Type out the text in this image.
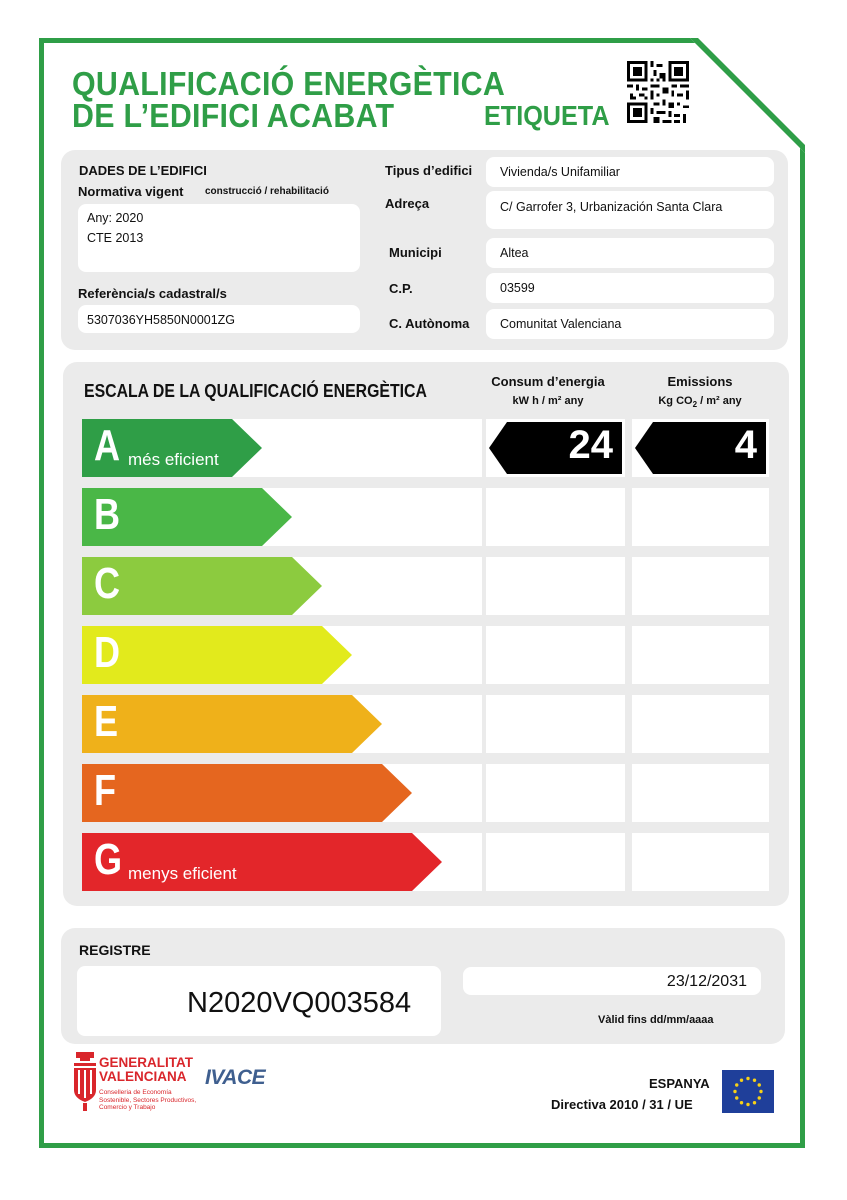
QUALIFICACIÓ ENERGÈTICA
DE L’EDIFICI ACABAT	ETIQUETA
DADES DE L’EDIFICI
Normativa vigent construcció / rehabilitació
Any: 2020
CTE 2013
Referència/s cadastral/s
5307036YH5850N0001ZG
Tipus d’edifici Vivienda/s Unifamiliar
Adreça	C/ Garrofer 3, Urbanización Santa Clara
Municipi	Altea
C.P.	03599
C. Autònoma Comunitat Valenciana
ESCALA DE LA QUALIFICACIÓ ENERGÈTICA	Consum d’energia
kW h / m² any
Emissions
Kg $CO_2 / m^2$ any
A més eficient	24	4
B
C
D
E
F
G menys eficient
REGISTRE
N2020VQ003584
23/12/2031
Vàlid fins dd/mm/aaaa
GENERALITAT
VALENCIANA
Conselleria de Economía
Sostenible, Sectores Productivos,
Comercio y Trabajo
IVACE	ESPANYA
Directiva 2010 / 31 / UE
